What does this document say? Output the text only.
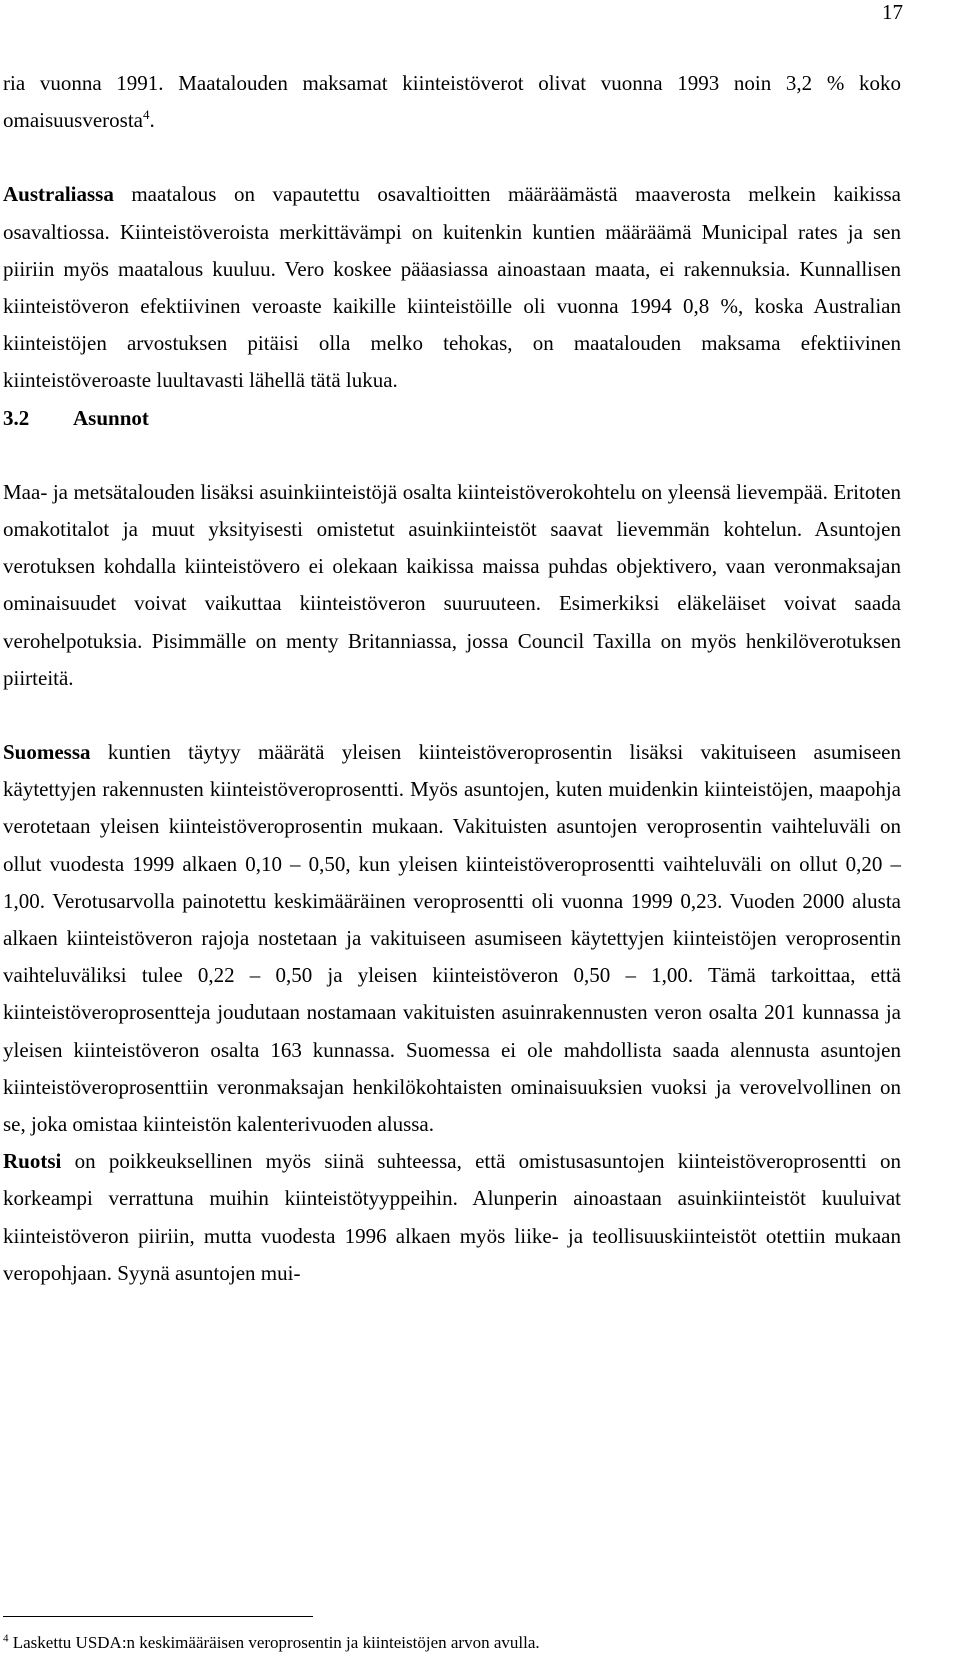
17

ria vuonna 1991. Maatalouden maksamat kiinteistöverot olivat vuonna 1993 noin 3,2 % koko omaisuusverosta$^4$.

Australiassa maatalous on vapautettu osavaltioitten määräämästä maaverosta melkein kaikissa osavaltiossa. Kiinteistöveroista merkittävämpi on kuitenkin kuntien määräämä Municipal rates ja sen piiriin myös maatalous kuuluu. Vero koskee pääasiassa ainoastaan maata, ei rakennuksia. Kunnallisen kiinteistöveron efektiivinen veroaste kaikille kiinteistöille oli vuonna 1994 0,8 %, koska Australian kiinteistöjen arvostuksen pitäisi olla melko tehokas, on maatalouden maksama efektiivinen kiinteistöveroaste luultavasti lähellä tätä lukua.

3.2 Asunnot

Maa- ja metsätalouden lisäksi asuinkiinteistöjä osalta kiinteistöverokohtelu on yleensä lievempää. Eritoten omakotitalot ja muut yksityisesti omistetut asuinkiinteistöt saavat lievemmän kohtelun. Asuntojen verotuksen kohdalla kiinteistövero ei olekaan kaikissa maissa puhdas objektivero, vaan veronmaksajan ominaisuudet voivat vaikuttaa kiinteistöveron suuruuteen. Esimerkiksi eläkeläiset voivat saada verohelpotuksia. Pisimmälle on menty Britanniassa, jossa Council Taxilla on myös henkilöverotuksen piirteitä.

Suomessa kuntien täytyy määrätä yleisen kiinteistöveroprosentin lisäksi vakituiseen asumiseen käytettyjen rakennusten kiinteistöveroprosentti. Myös asuntojen, kuten muidenkin kiinteistöjen, maapohja verotetaan yleisen kiinteistöveroprosentin mukaan. Vakituisten asuntojen veroprosentin vaihteluväli on ollut vuodesta 1999 alkaen 0,10 – 0,50, kun yleisen kiinteistöveroprosentti vaihteluväli on ollut 0,20 – 1,00. Verotusarvolla painotettu keskimääräinen veroprosentti oli vuonna 1999 0,23. Vuoden 2000 alusta alkaen kiinteistöveron rajoja nostetaan ja vakituiseen asumiseen käytettyjen kiinteistöjen veroprosentin vaihteluväliksi tulee 0,22 – 0,50 ja yleisen kiinteistöveron 0,50 – 1,00. Tämä tarkoittaa, että kiinteistöveroprosentteja joudutaan nostamaan vakituisten asuinrakennusten veron osalta 201 kunnassa ja yleisen kiinteistöveron osalta 163 kunnassa. Suomessa ei ole mahdollista saada alennusta asuntojen kiinteistöveroprosenttiin veronmaksajan henkilökohtaisten ominaisuuksien vuoksi ja verovelvollinen on se, joka omistaa kiinteistön kalenterivuoden alussa.

Ruotsi on poikkeuksellinen myös siinä suhteessa, että omistusasuntojen kiinteistöveroprosentti on korkeampi verrattuna muihin kiinteistötyyppeihin. Alunperin ainoastaan asuinkiinteistöt kuuluivat kiinteistöveron piiriin, mutta vuodesta 1996 alkaen myös liike- ja teollisuuskiinteistöt otettiin mukaan veropohjaan. Syynä asuntojen mui-

$^4$ Laskettu USDA:n keskimääräisen veroprosentin ja kiinteistöjen arvon avulla.
